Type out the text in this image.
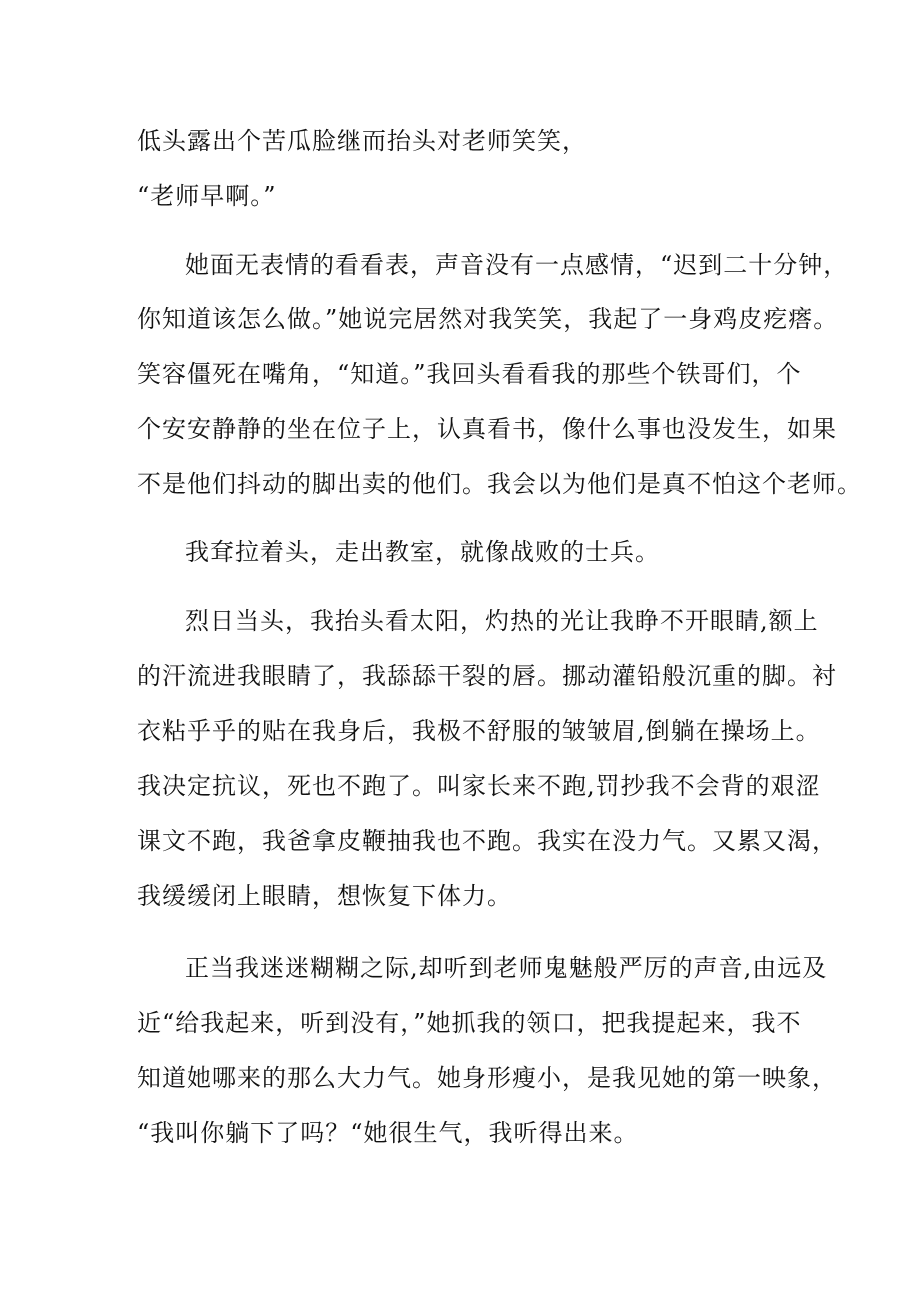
低头露出个苦瓜脸继而抬头对老师笑笑，
“老师早啊。”
她面无表情的看看表，声音没有一点感情，“迟到二十分钟，
你知道该怎么做。”她说完居然对我笑笑，我起了一身鸡皮疙瘩。
笑容僵死在嘴角，“知道。”我回头看看我的那些个铁哥们，个
个安安静静的坐在位子上，认真看书，像什么事也没发生，如果
不是他们抖动的脚出卖的他们。我会以为他们是真不怕这个老师。
我耷拉着头，走出教室，就像战败的士兵。
烈日当头，我抬头看太阳，灼热的光让我睁不开眼睛,额上
的汗流进我眼睛了，我舔舔干裂的唇。挪动灌铅般沉重的脚。衬
衣粘乎乎的贴在我身后，我极不舒服的皱皱眉,倒躺在操场上。
我决定抗议，死也不跑了。叫家长来不跑,罚抄我不会背的艰涩
课文不跑，我爸拿皮鞭抽我也不跑。我实在没力气。又累又渴，
我缓缓闭上眼睛，想恢复下体力。
正当我迷迷糊糊之际,却听到老师鬼魅般严厉的声音,由远及
近“给我起来，听到没有，”她抓我的领口，把我提起来，我不
知道她哪来的那么大力气。她身形瘦小，是我见她的第一映象，
“我叫你躺下了吗？“她很生气，我听得出来。
